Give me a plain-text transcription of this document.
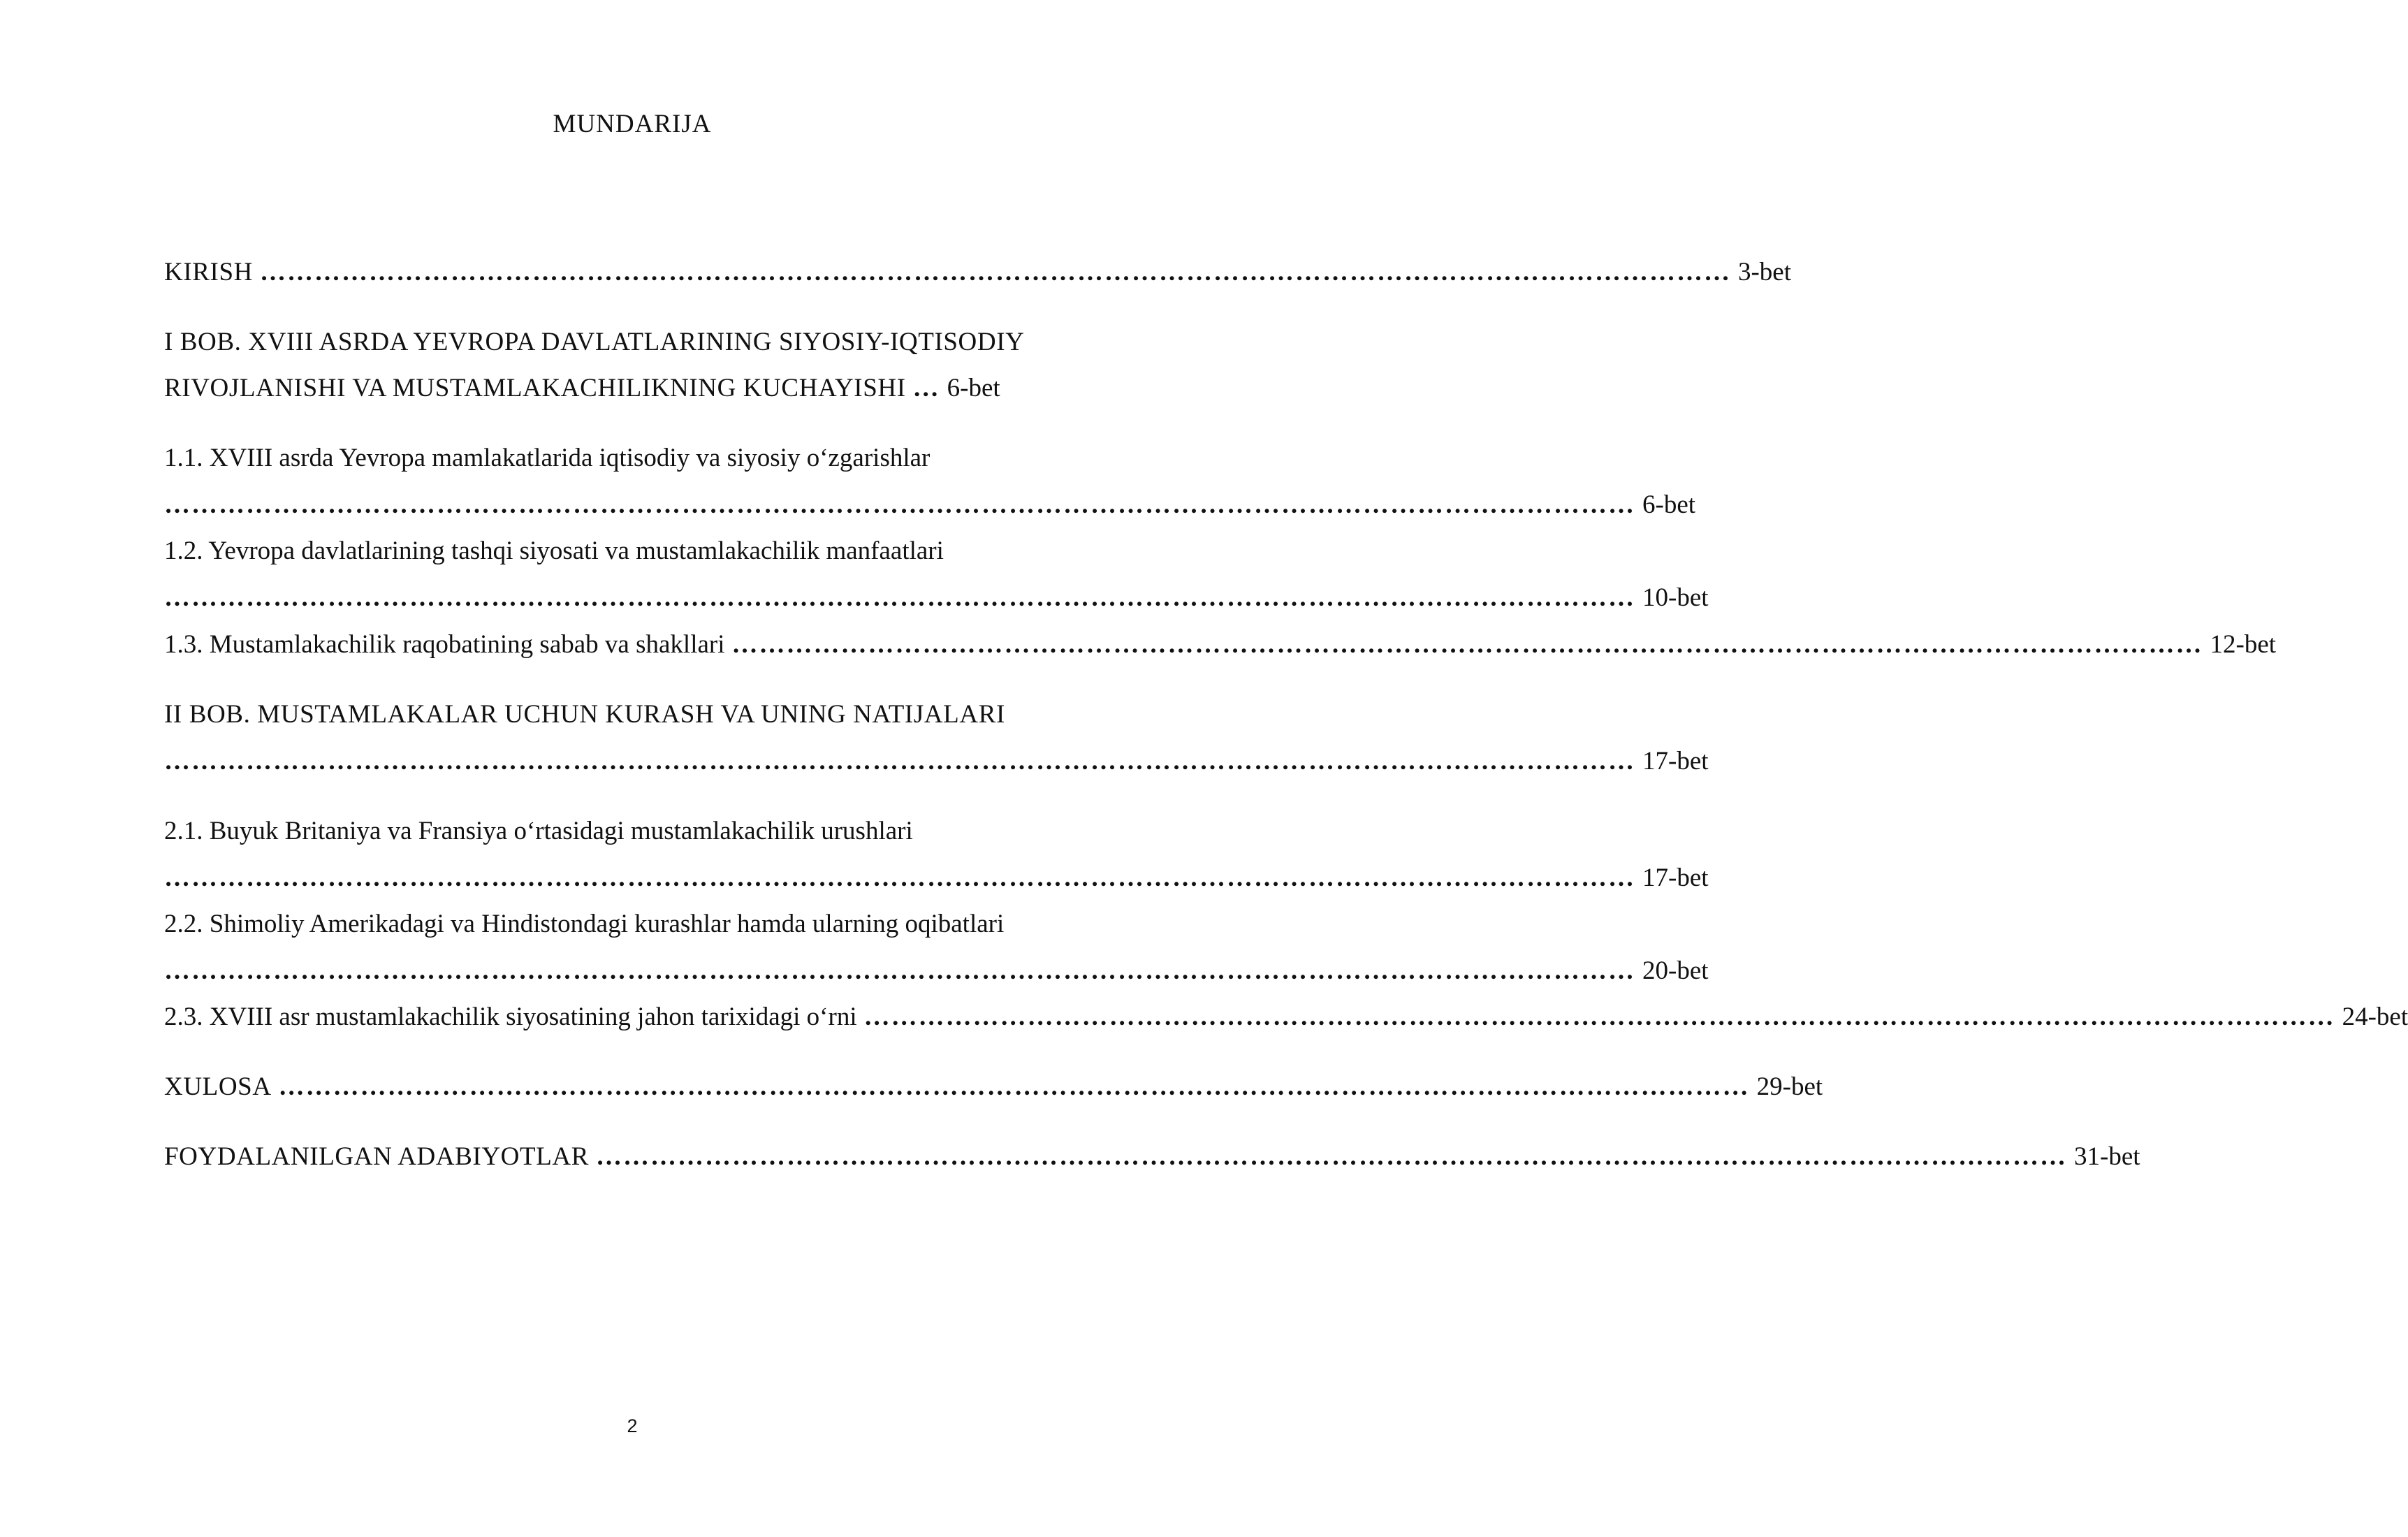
MUNDARIJA
KIRISH ……………………………………………………………………………………………………………………………………………… 3-bet
I BOB. XVIII ASRDA YEVROPA DAVLATLARINING SIYOSIY-IQTISODIY
RIVOJLANISHI VA MUSTAMLAKACHILIKNING KUCHAYISHI … 6-bet
1.1. XVIII asrda Yevropa mamlakatlarida iqtisodiy va siyosiy o‘zgarishlar
……………………………………………………………………………………………………………………………………………… 6-bet
1.2. Yevropa davlatlarining tashqi siyosati va mustamlakachilik manfaatlari
……………………………………………………………………………………………………………………………………………… 10-bet
1.3. Mustamlakachilik raqobatining sabab va shakllari ……………………………………………………………………………………………………………………………………………… 12-bet
II BOB. MUSTAMLAKALAR UCHUN KURASH VA UNING NATIJALARI
……………………………………………………………………………………………………………………………………………… 17-bet
2.1. Buyuk Britaniya va Fransiya o‘rtasidagi mustamlakachilik urushlari
……………………………………………………………………………………………………………………………………………… 17-bet
2.2. Shimoliy Amerikadagi va Hindistondagi kurashlar hamda ularning oqibatlari
……………………………………………………………………………………………………………………………………………… 20-bet
2.3. XVIII asr mustamlakachilik siyosatining jahon tarixidagi o‘rni ……………………………………………………………………………………………………………………………………………… 24-bet
XULOSA ……………………………………………………………………………………………………………………………………………… 29-bet
FOYDALANILGAN ADABIYOTLAR ……………………………………………………………………………………………………………………………………………… 31-bet
2
